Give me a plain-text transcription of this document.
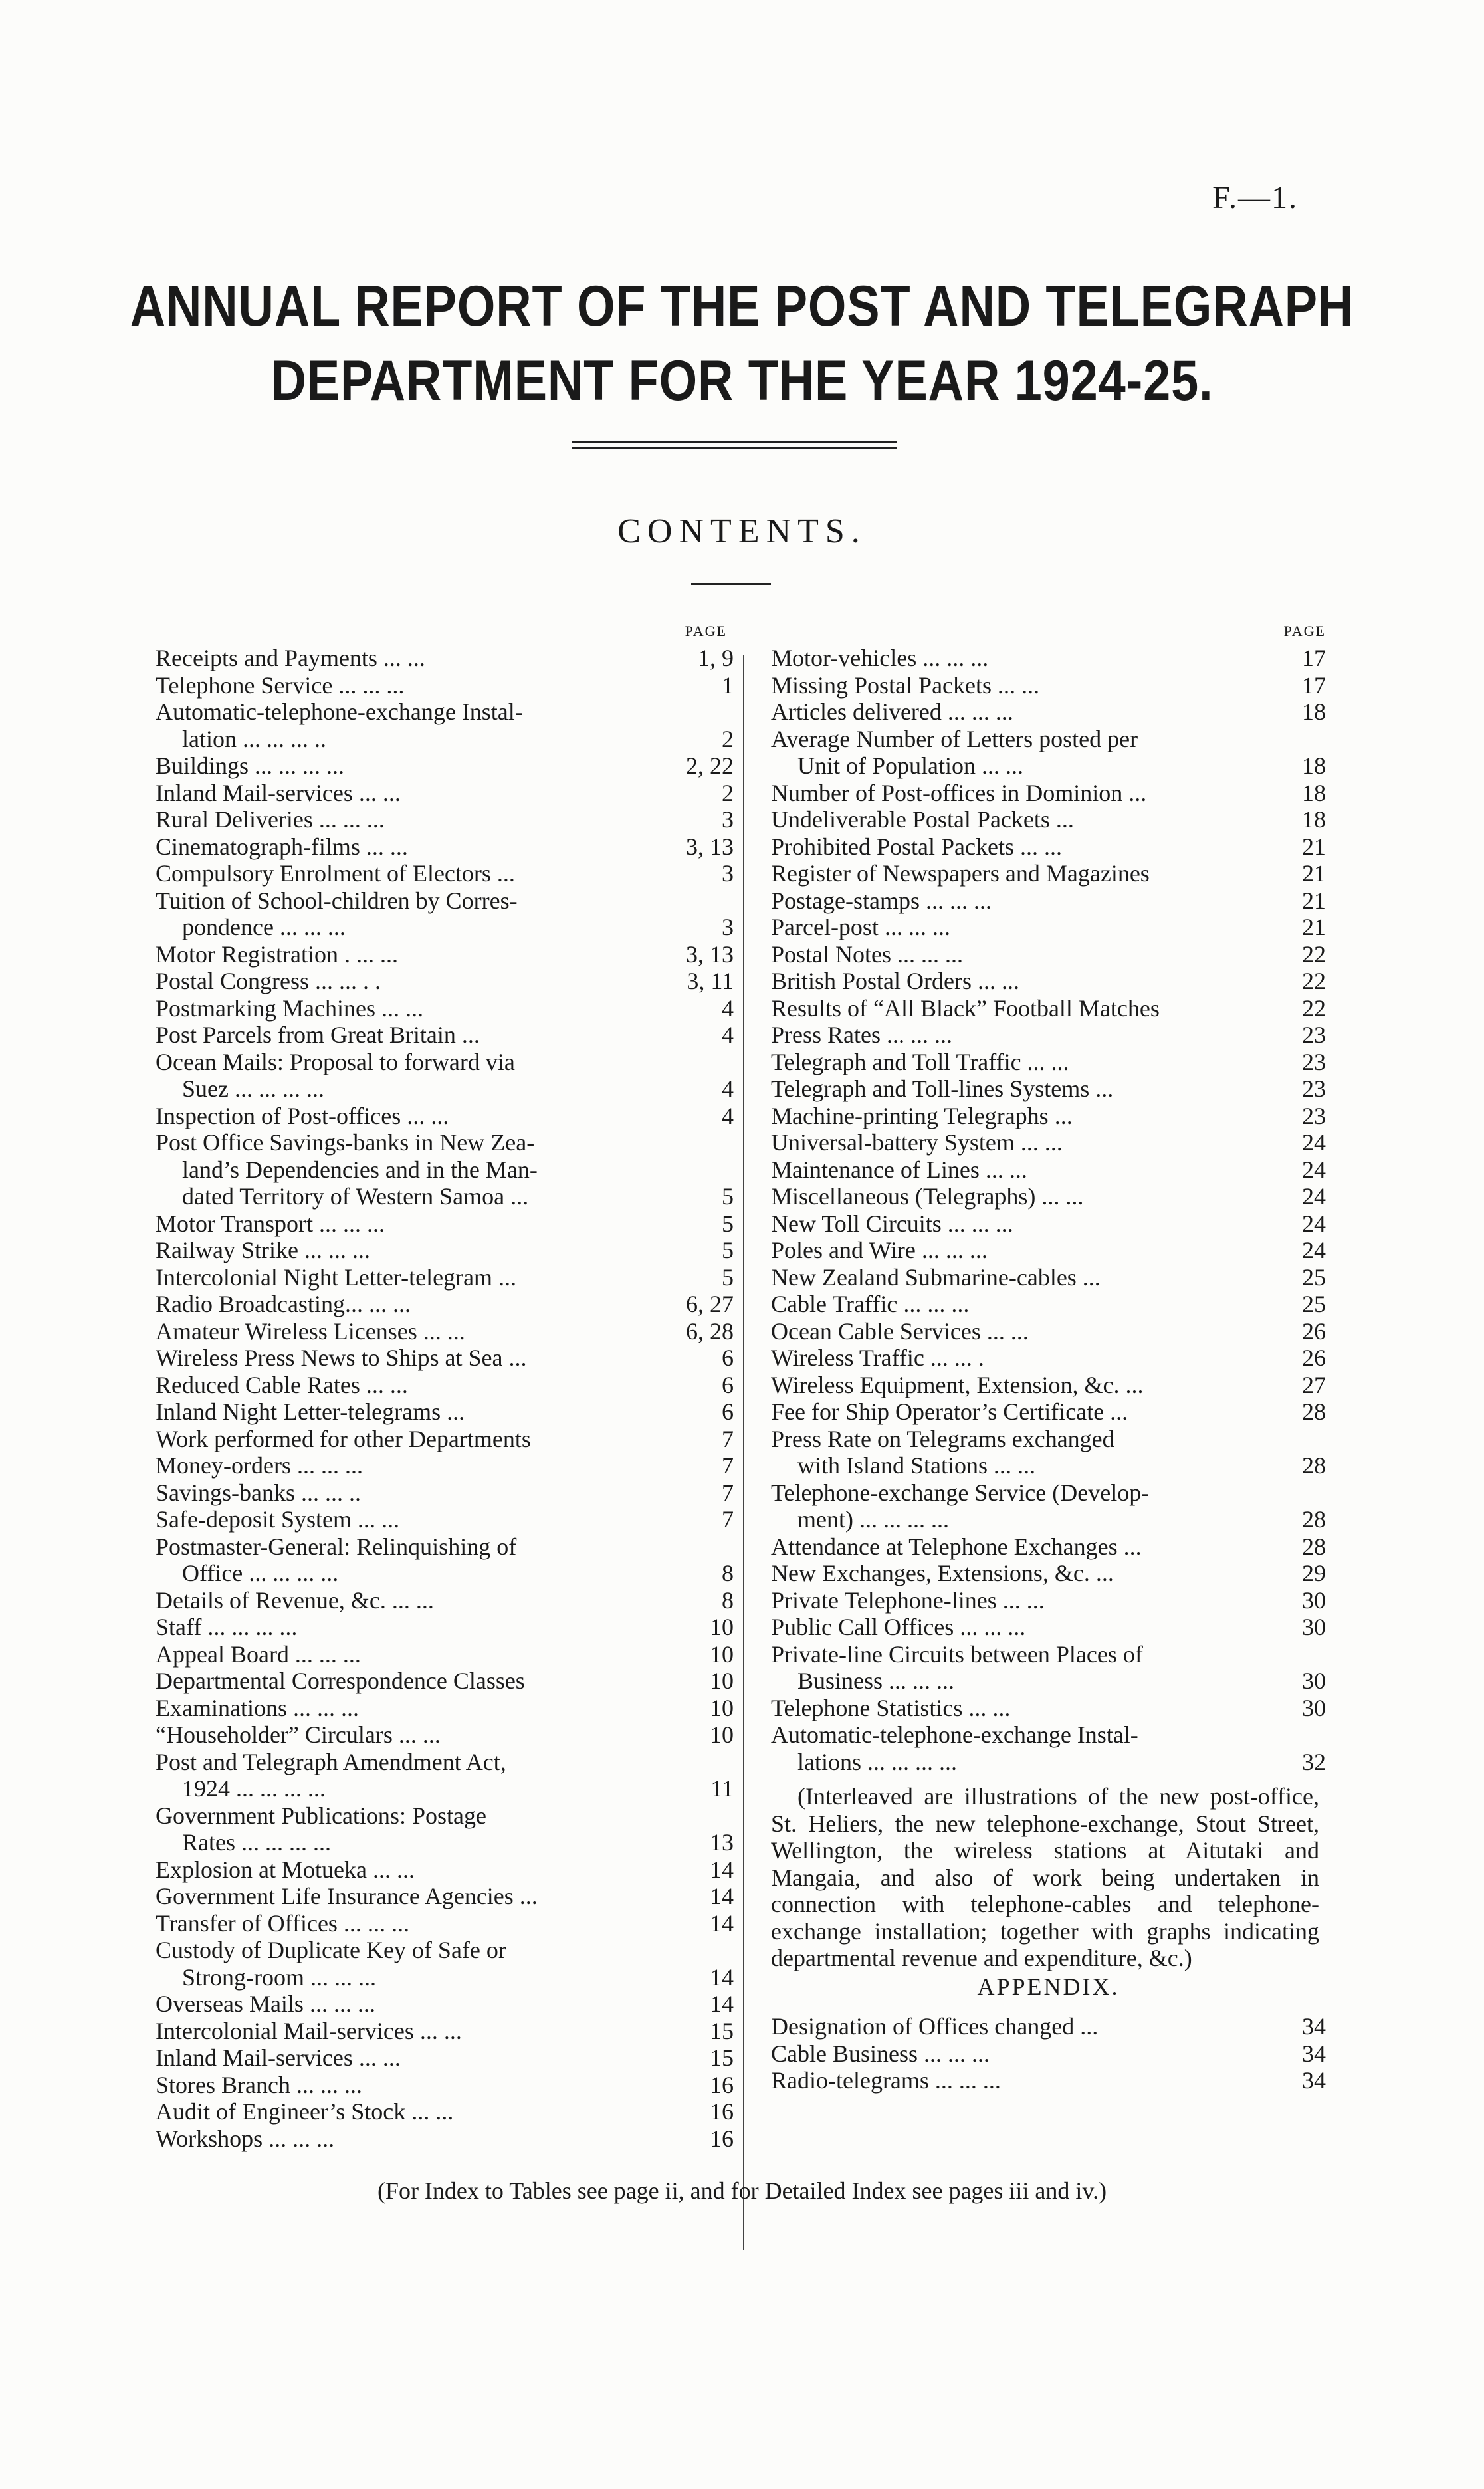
F.—1.
ANNUAL REPORT OF THE POST AND TELEGRAPH
DEPARTMENT FOR THE YEAR 1924-25.
CONTENTS.
PAGE
Receipts and Payments ... ...	1, 9
Telephone Service ... ... ...	1
Automatic-telephone-exchange Instal-
lation ... ... ... ..	2
Buildings ... ... ... ...	2, 22
Inland Mail-services ... ...	2
Rural Deliveries ... ... ...	3
Cinematograph-films ... ...	3, 13
Compulsory Enrolment of Electors ...	3
Tuition of School-children by Corres-
pondence ... ... ...	3
Motor Registration . ... ...	3, 13
Postal Congress ... ... . .	3, 11
Postmarking Machines ... ...	4
Post Parcels from Great Britain ...	4
Ocean Mails: Proposal to forward via
Suez ... ... ... ...	4
Inspection of Post-offices ... ...	4
Post Office Savings-banks in New Zea-
land’s Dependencies and in the Man-
dated Territory of Western Samoa ...	5
Motor Transport ... ... ...	5
Railway Strike ... ... ...	5
Intercolonial Night Letter-telegram ...	5
Radio Broadcasting... ... ...	6, 27
Amateur Wireless Licenses ... ...	6, 28
Wireless Press News to Ships at Sea ...	6
Reduced Cable Rates ... ...	6
Inland Night Letter-telegrams ...	6
Work performed for other Departments	7
Money-orders ... ... ...	7
Savings-banks ... ... ..	7
Safe-deposit System ... ...	7
Postmaster-General: Relinquishing of
Office ... ... ... ...	8
Details of Revenue, &c. ... ...	8
Staff ... ... ... ...	10
Appeal Board ... ... ...	10
Departmental Correspondence Classes	10
Examinations ... ... ...	10
“Householder” Circulars ... ...	10
Post and Telegraph Amendment Act,
1924 ... ... ... ...	11
Government Publications: Postage
Rates ... ... ... ...	13
Explosion at Motueka ... ...	14
Government Life Insurance Agencies ...	14
Transfer of Offices ... ... ...	14
Custody of Duplicate Key of Safe or
Strong-room ... ... ...	14
Overseas Mails ... ... ...	14
Intercolonial Mail-services ... ...	15
Inland Mail-services ... ...	15
Stores Branch ... ... ...	16
Audit of Engineer’s Stock ... ...	16
Workshops ... ... ...	16
PAGE
Motor-vehicles ... ... ...	17
Missing Postal Packets ... ...	17
Articles delivered ... ... ...	18
Average Number of Letters posted per
Unit of Population ... ...	18
Number of Post-offices in Dominion ...	18
Undeliverable Postal Packets ...	18
Prohibited Postal Packets ... ...	21
Register of Newspapers and Magazines	21
Postage-stamps ... ... ...	21
Parcel-post ... ... ...	21
Postal Notes ... ... ...	22
British Postal Orders ... ...	22
Results of “All Black” Football Matches	22
Press Rates ... ... ...	23
Telegraph and Toll Traffic ... ...	23
Telegraph and Toll-lines Systems ...	23
Machine-printing Telegraphs ...	23
Universal-battery System ... ...	24
Maintenance of Lines ... ...	24
Miscellaneous (Telegraphs) ... ...	24
New Toll Circuits ... ... ...	24
Poles and Wire ... ... ...	24
New Zealand Submarine-cables ...	25
Cable Traffic ... ... ...	25
Ocean Cable Services ... ...	26
Wireless Traffic ... ... .	26
Wireless Equipment, Extension, &c. ...	27
Fee for Ship Operator’s Certificate ...	28
Press Rate on Telegrams exchanged
with Island Stations ... ...	28
Telephone-exchange Service (Develop-
ment) ... ... ... ...	28
Attendance at Telephone Exchanges ...	28
New Exchanges, Extensions, &c. ...	29
Private Telephone-lines ... ...	30
Public Call Offices ... ... ...	30
Private-line Circuits between Places of
Business ... ... ...	30
Telephone Statistics ... ...	30
Automatic-telephone-exchange Instal-
lations ... ... ... ...	32
(Interleaved are illustrations of the new post-office, St. Heliers, the new telephone-exchange, Stout Street, Wellington, the wireless stations at Aitutaki and Mangaia, and also of work being undertaken in connection with telephone-cables and telephone-exchange installation; together with graphs indicating departmental revenue and expenditure, &c.)
APPENDIX.
Designation of Offices changed ...	34
Cable Business ... ... ...	34
Radio-telegrams ... ... ...	34
(For Index to Tables see page ii, and for Detailed Index see pages iii and iv.)
